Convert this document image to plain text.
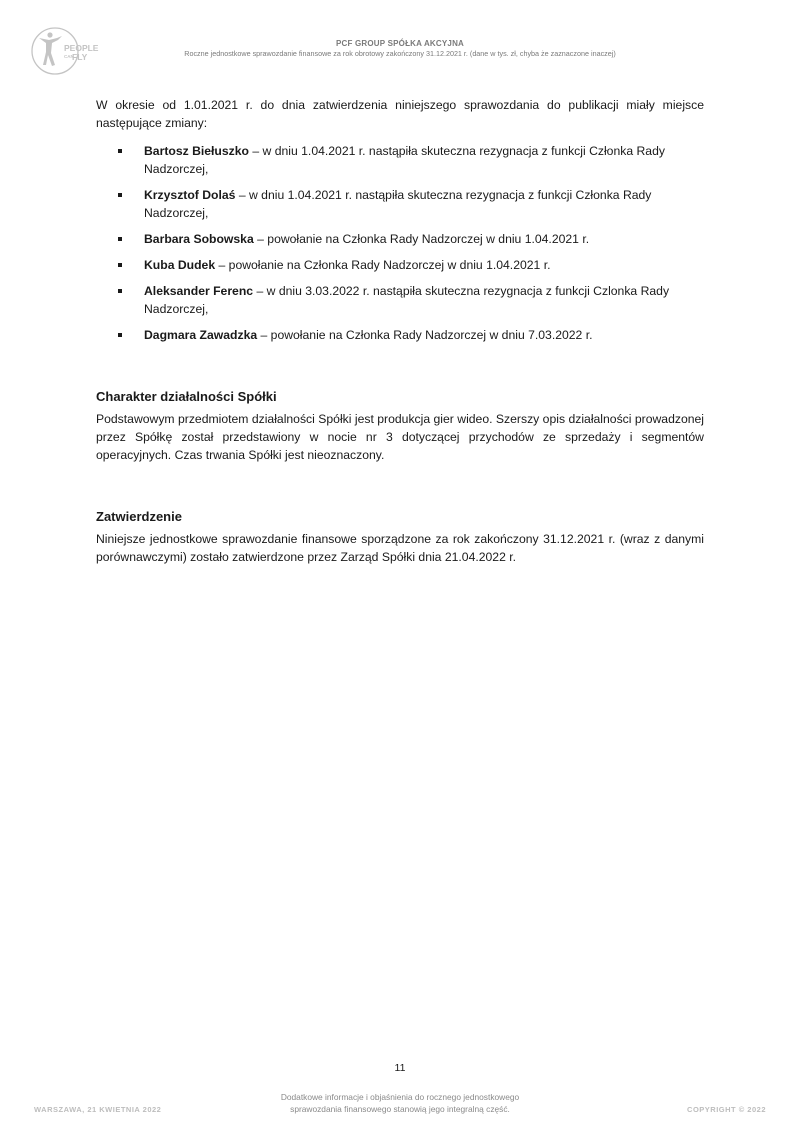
PEOPLE
CAN
FLY
PCF GROUP SPÓŁKA AKCYJNA
Roczne jednostkowe sprawozdanie finansowe za rok obrotowy zakończony 31.12.2021 r. (dane w tys. zł, chyba że zaznaczone inaczej)

W okresie od 1.01.2021 r. do dnia zatwierdzenia niniejszego sprawozdania do publikacji miały miejsce następujące zmiany:

Bartosz Biełuszko – w dniu 1.04.2021 r. nastąpiła skuteczna rezygnacja z funkcji Członka Rady Nadzorczej,
Krzysztof Dolaś – w dniu 1.04.2021 r. nastąpiła skuteczna rezygnacja z funkcji Członka Rady Nadzorczej,
Barbara Sobowska – powołanie na Członka Rady Nadzorczej w dniu 1.04.2021 r.
Kuba Dudek – powołanie na Członka Rady Nadzorczej w dniu 1.04.2021 r.
Aleksander Ferenc – w dniu 3.03.2022 r. nastąpiła skuteczna rezygnacja z funkcji Czlonka Rady Nadzorczej,
Dagmara Zawadzka – powołanie na Członka Rady Nadzorczej w dniu 7.03.2022 r.
Charakter działalności Spółki

Podstawowym przedmiotem działalności Spółki jest produkcja gier wideo. Szerszy opis działalności prowadzonej przez Spółkę został przedstawiony w nocie nr 3 dotyczącej przychodów ze sprzedaży i segmentów operacyjnych. Czas trwania Spółki jest nieoznaczony.

Zatwierdzenie

Niniejsze jednostkowe sprawozdanie finansowe sporządzone za rok zakończony 31.12.2021 r. (wraz z danymi porównawczymi) zostało zatwierdzone przez Zarząd Spółki dnia 21.04.2022 r.

11
WARSZAWA, 21 KWIETNIA 2022
Dodatkowe informacje i objaśnienia do rocznego jednostkowego
sprawozdania finansowego stanowią jego integralną część.	COPYRIGHT © 2022
